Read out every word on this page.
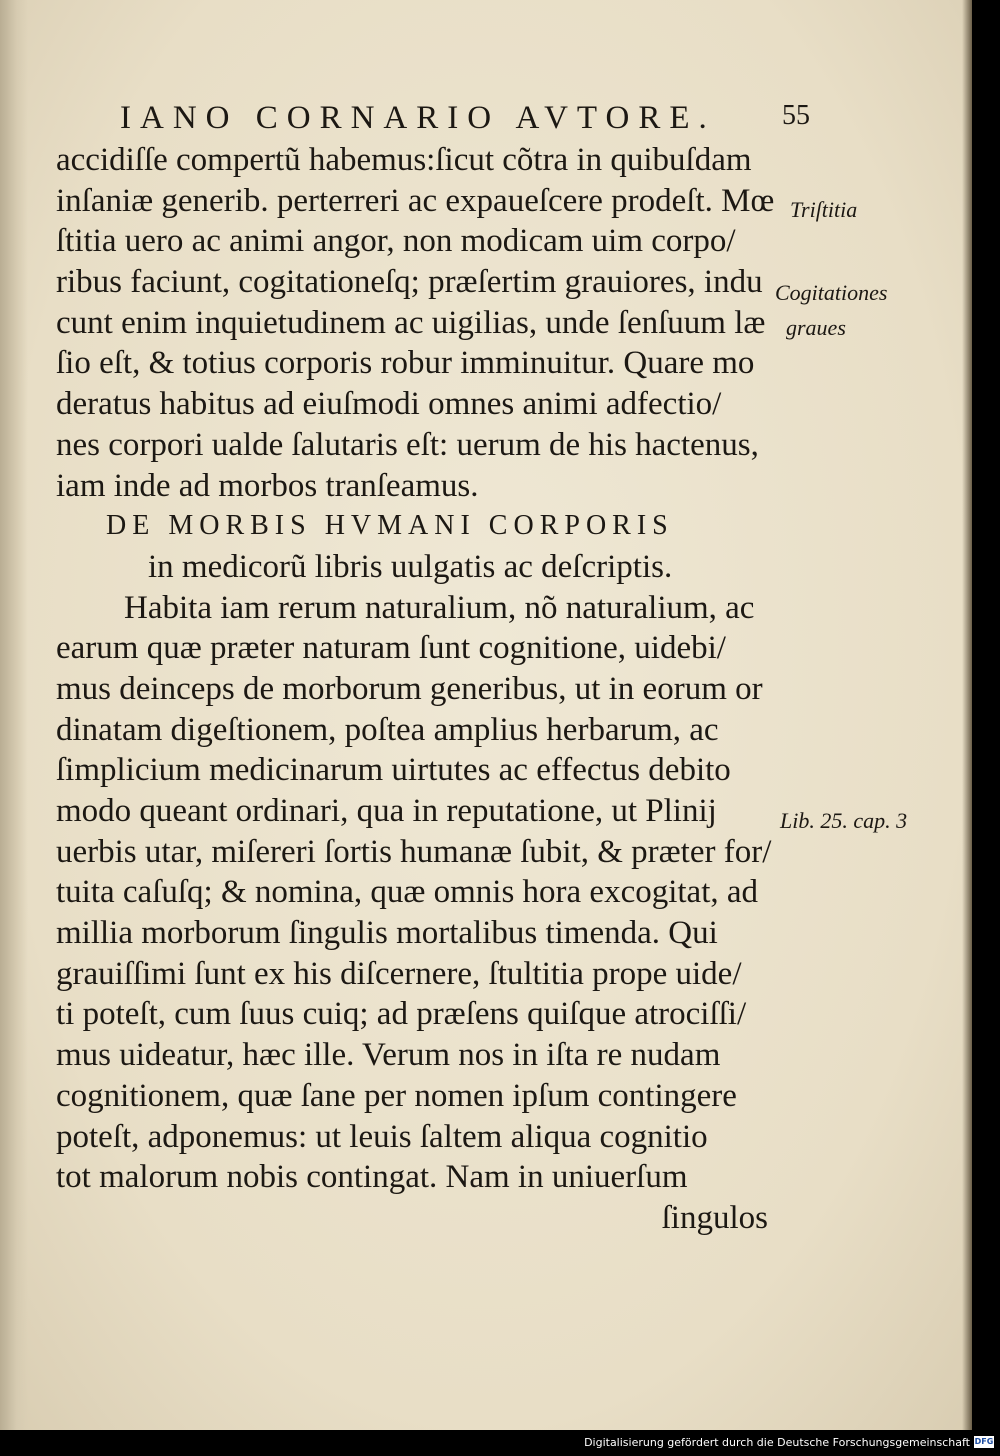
IANO CORNARIO AVTORE.	55
accidiſſe compertũ habemus:ſicut cõtra in quibuſdam
inſaniæ generib. perterreri ac expaueſcere prodeſt. Mœ
ſtitia uero ac animi angor, non modicam uim corpo/
ribus faciunt, cogitationeſq; præſertim grauiores, indu
cunt enim inquietudinem ac uigilias, unde ſenſuum læ
ſio eſt, & totius corporis robur imminuitur. Quare mo
deratus habitus ad eiuſmodi omnes animi adfectio/
nes corpori ualde ſalutaris eſt: uerum de his hactenus,
iam inde ad morbos tranſeamus.
DE MORBIS HVMANI CORPORIS
in medicorũ libris uulgatis ac deſcriptis.
Habita iam rerum naturalium, nõ naturalium, ac
earum quæ præter naturam ſunt cognitione, uidebi/
mus deinceps de morborum generibus, ut in eorum or
dinatam digeſtionem, poſtea amplius herbarum, ac
ſimplicium medicinarum uirtutes ac effectus debito
modo queant ordinari, qua in reputatione, ut Plinij
uerbis utar, miſereri ſortis humanæ ſubit, & præter for/
tuita caſuſq; & nomina, quæ omnis hora excogitat, ad
millia morborum ſingulis mortalibus timenda. Qui
grauiſſimi ſunt ex his diſcernere, ſtultitia prope uide/
ti poteſt, cum ſuus cuiq; ad præſens quiſque atrociſſi/
mus uideatur, hæc ille. Verum nos in iſta re nudam
cognitionem, quæ ſane per nomen ipſum contingere
poteſt, adponemus: ut leuis ſaltem aliqua cognitio
tot malorum nobis contingat. Nam in uniuerſum
ſingulos
Triſtitia
Cogitationes
graues
Lib. 25. cap. 3
Digitalisierung gefördert durch die Deutsche Forschungsgemeinschaft DFG
